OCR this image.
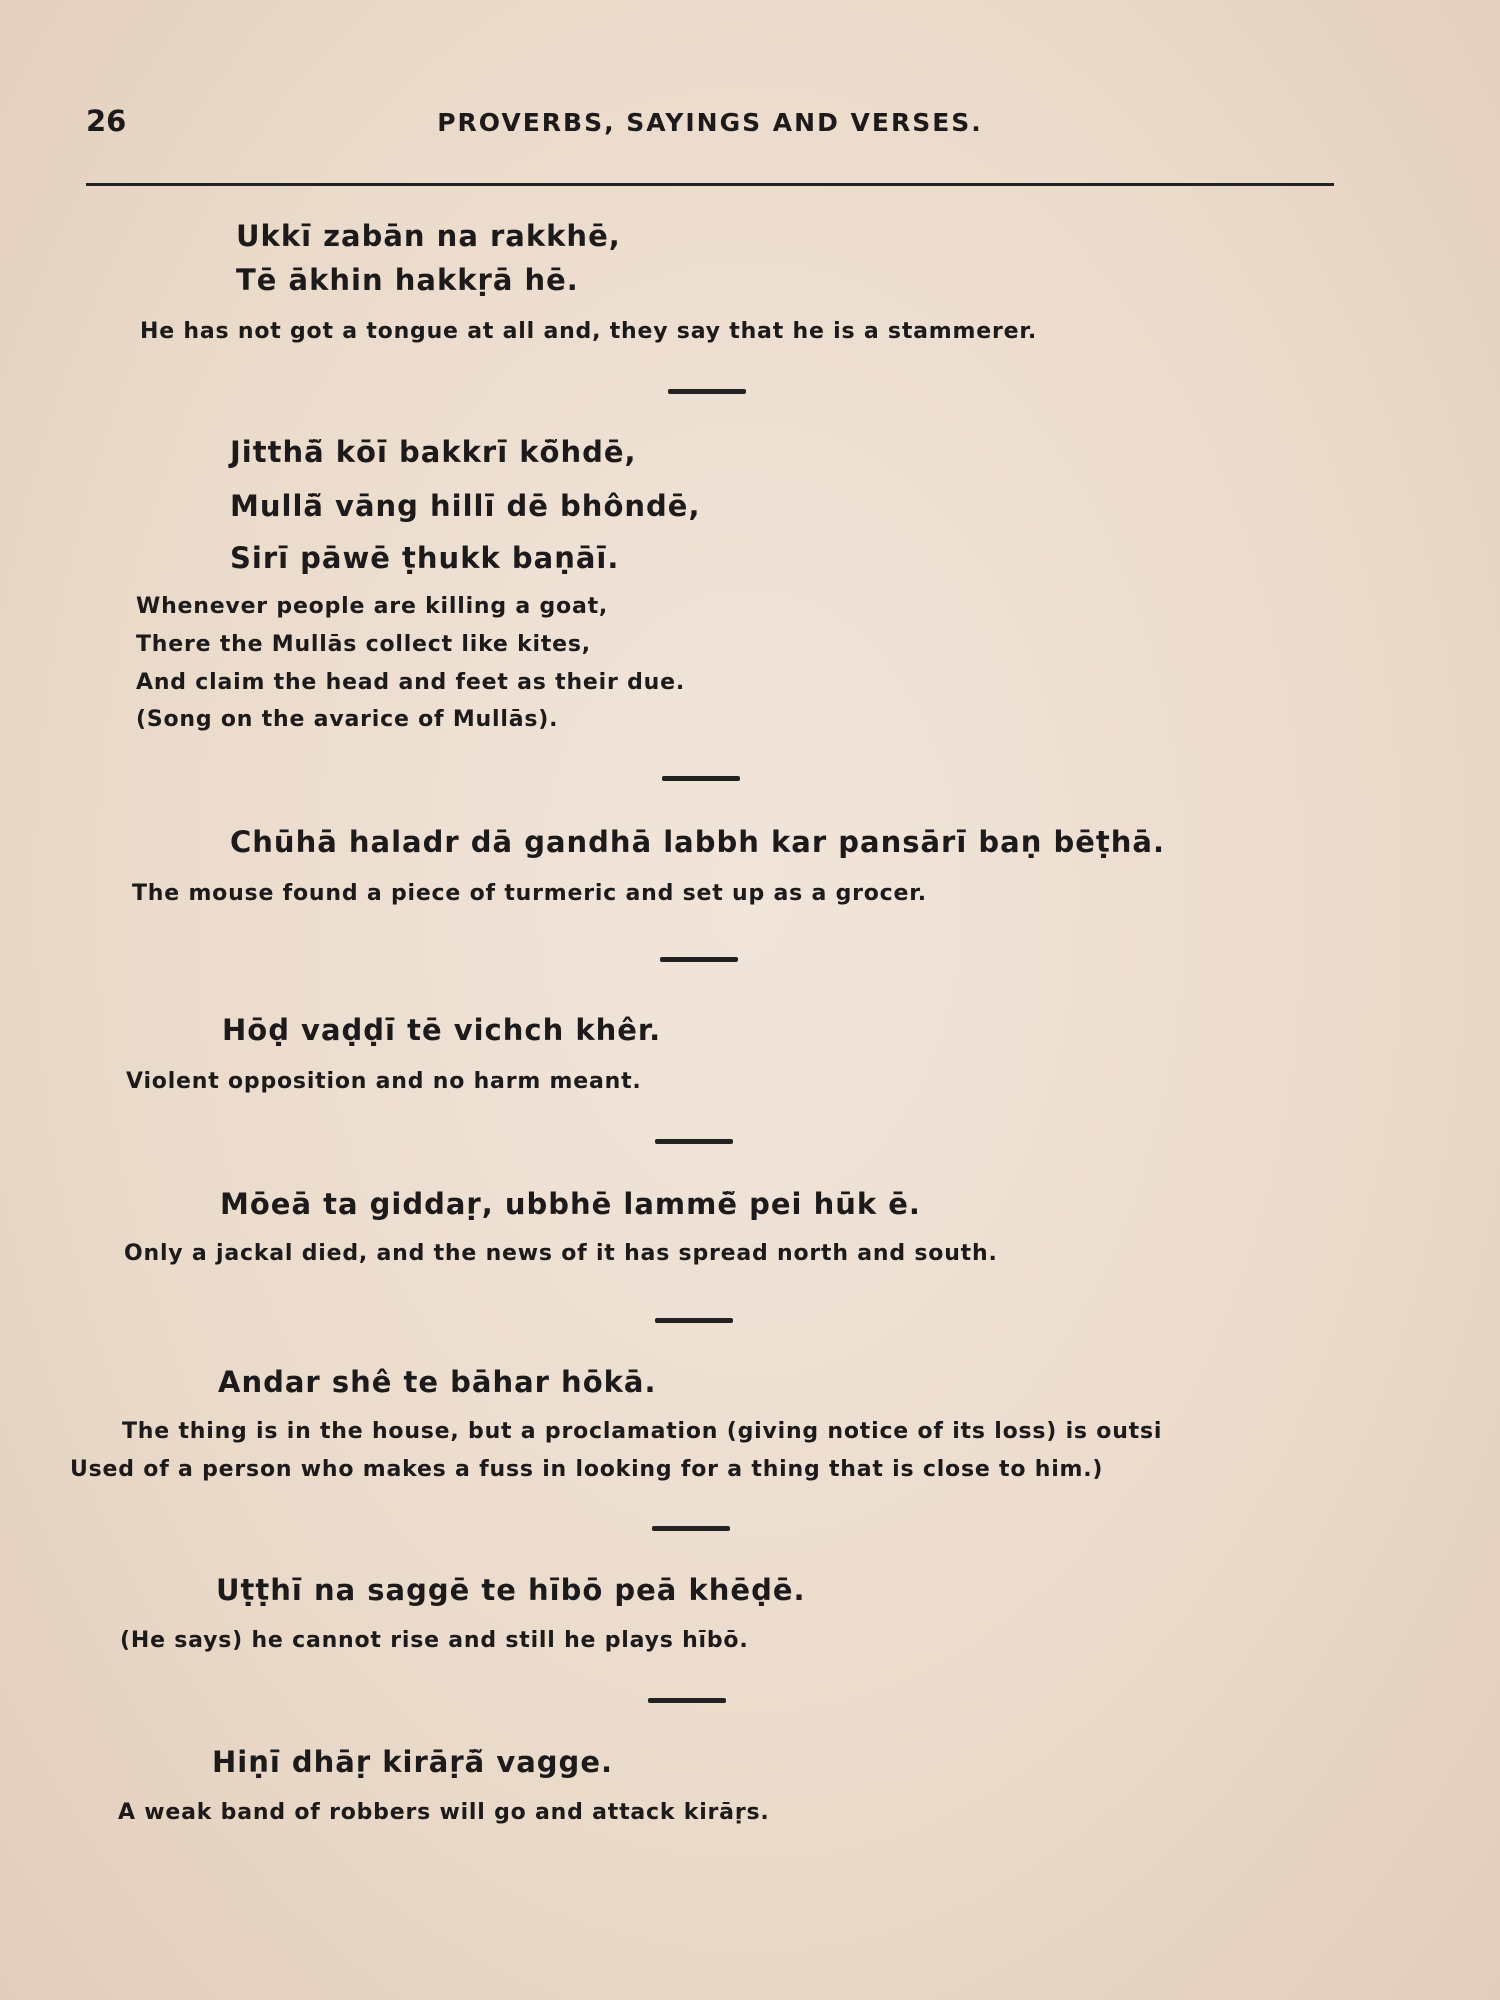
26	PROVERBS, SAYINGS AND VERSES.
Ukkī zabān na rakkhē,
Tē ākhin hakkṛā hē.
He has not got a tongue at all and, they say that he is a stammerer.
Jitthā̃ kōī bakkrī kō̃hdē,
Mullā̃ vāng hillī dē bhôndē,
Sirī pāwē ṭhukk baṇāī.
Whenever people are killing a goat,
There the Mullās collect like kites,
And claim the head and feet as their due.
(Song on the avarice of Mullās).
Chūhā haladr dā gandhā labbh kar pansārī baṇ bēṭhā.
The mouse found a piece of turmeric and set up as a grocer.
Hōḍ vaḍḍī tē vichch khêr.
Violent opposition and no harm meant.
Mōeā ta giddaṛ, ubbhē lammē̃ pei hūk ē.
Only a jackal died, and the news of it has spread north and south.
Andar shê te bāhar hōkā.
The thing is in the house, but a proclamation (giving notice of its loss) is outsi
Used of a person who makes a fuss in looking for a thing that is close to him.)
Uṭṭhī na saggē te hībō peā khēḍē.
(He says) he cannot rise and still he plays hībō.
Hiṇī dhāṛ kirāṛā̃ vagge.
A weak band of robbers will go and attack kirāṛs.
